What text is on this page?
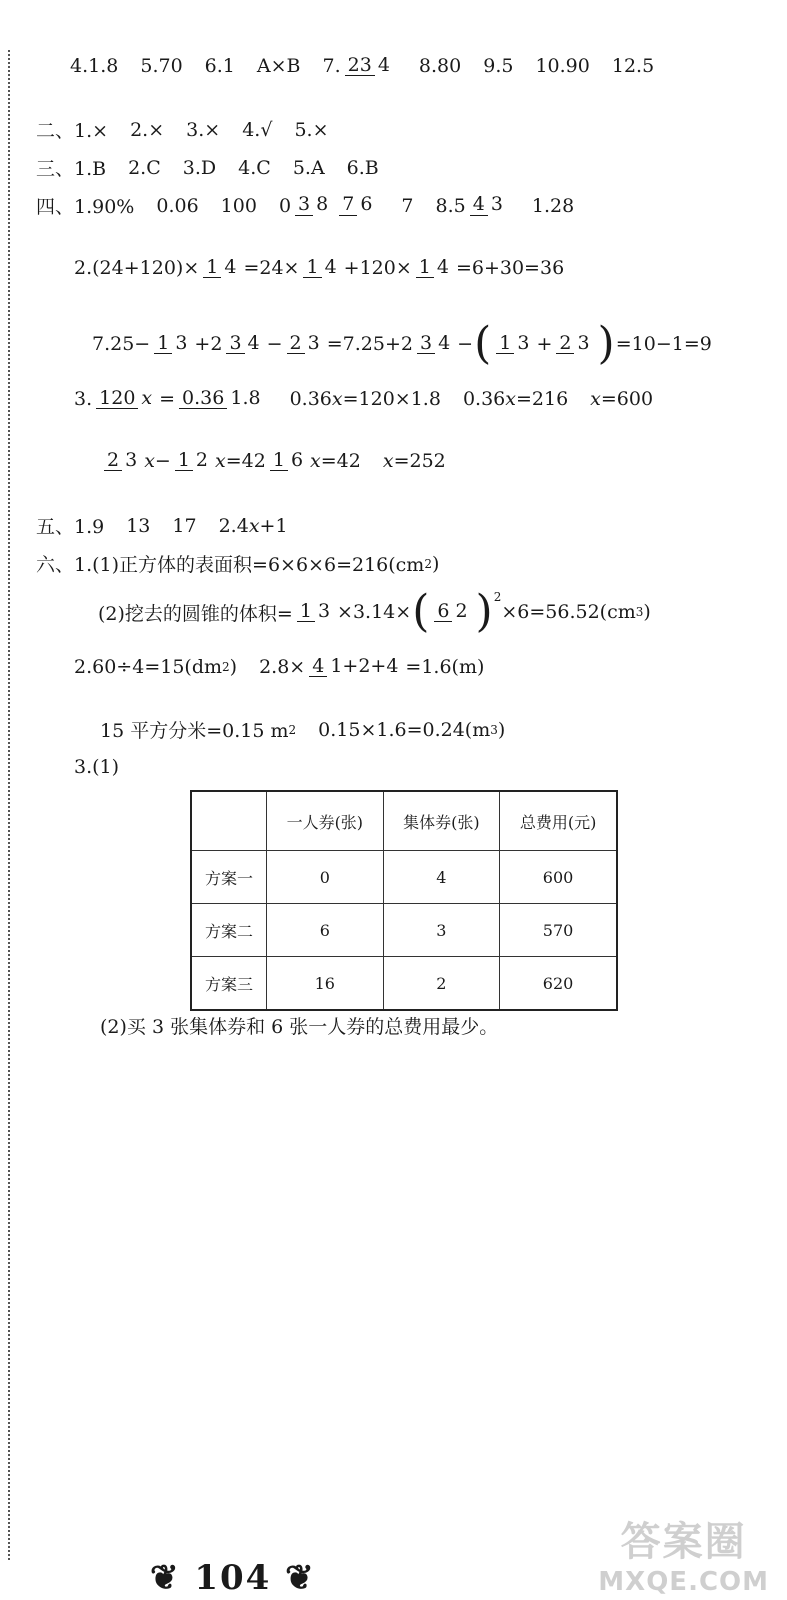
4.1.8 5.70 6.1 A×B 7. 23 4 8.80 9.5 10.90 12.5
二、1.× 2.× 3.× 4.√ 5.×
三、1.B 2.C 3.D 4.C 5.A 6.B
四、1.90% 0.06 100 0 3 8 7 6 7 8.5 4 3 1.28
2.(24+120)× 1 4 =24× 1 4 +120× 1 4 =6+30=36
7.25− 1 3 +2 3 4 − 2 3 =7.25+2 3 4 − ( 1 3 + 2 3 ) =10−1=9
3. 120 x = 0.36 1.8 0.36 x =120×1.8 0.36 x =216 x =600
2 3 x − 1 2 x =42 1 6 x =42 x =252
五、1.9 13 17 2.4 x +1
六、1.(1)正方体的表面积=6×6×6=216(cm 2 )
(2)挖去的圆锥的体积= 1 3 ×3.14× ( 6 2 ) 2
×6=56.52(cm 3 )
2.60÷4=15(dm 2 ) 2.8× 4 1+2+4 =1.6(m)
15 平方分米=0.15 m 2 0.15×1.6=0.24(m 3 )
3.(1)
	一人券(张)	集体券(张)	总费用(元)
方案一	0	4	600
方案二	6	3	570
方案三	16	2	620
(2)买 3 张集体券和 6 张一人券的总费用最少。
❦ 104 ❦
答案圈
MXQE.COM
